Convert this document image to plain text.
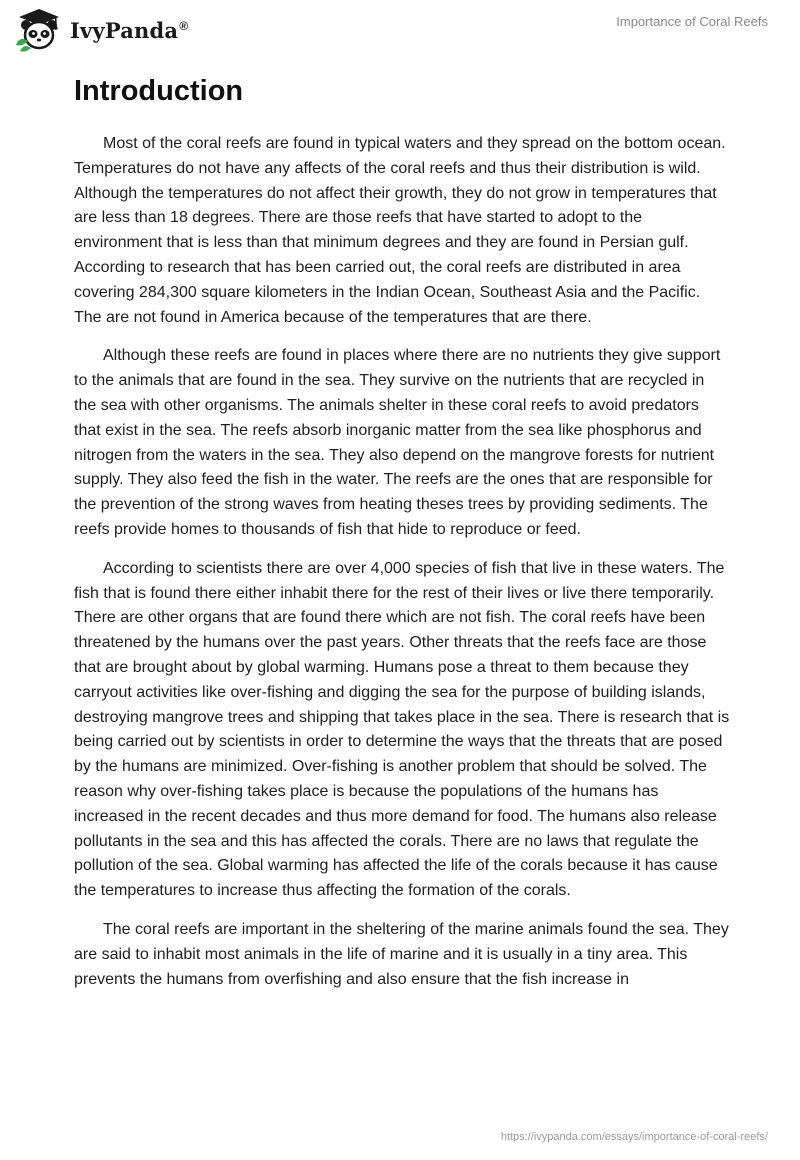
IvyPanda®	Importance of Coral Reefs
Introduction

Most of the coral reefs are found in typical waters and they spread on the bottom ocean. Temperatures do not have any affects of the coral reefs and thus their distribution is wild. Although the temperatures do not affect their growth, they do not grow in temperatures that are less than 18 degrees. There are those reefs that have started to adopt to the environment that is less than that minimum degrees and they are found in Persian gulf. According to research that has been carried out, the coral reefs are distributed in area covering 284,300 square kilometers in the Indian Ocean, Southeast Asia and the Pacific. The are not found in America because of the temperatures that are there.

Although these reefs are found in places where there are no nutrients they give support to the animals that are found in the sea. They survive on the nutrients that are recycled in the sea with other organisms. The animals shelter in these coral reefs to avoid predators that exist in the sea. The reefs absorb inorganic matter from the sea like phosphorus and nitrogen from the waters in the sea. They also depend on the mangrove forests for nutrient supply. They also feed the fish in the water. The reefs are the ones that are responsible for the prevention of the strong waves from heating theses trees by providing sediments. The reefs provide homes to thousands of fish that hide to reproduce or feed.

According to scientists there are over 4,000 species of fish that live in these waters. The fish that is found there either inhabit there for the rest of their lives or live there temporarily. There are other organs that are found there which are not fish. The coral reefs have been threatened by the humans over the past years. Other threats that the reefs face are those that are brought about by global warming. Humans pose a threat to them because they carryout activities like over-fishing and digging the sea for the purpose of building islands, destroying mangrove trees and shipping that takes place in the sea. There is research that is being carried out by scientists in order to determine the ways that the threats that are posed by the humans are minimized. Over-fishing is another problem that should be solved. The reason why over-fishing takes place is because the populations of the humans has increased in the recent decades and thus more demand for food. The humans also release pollutants in the sea and this has affected the corals. There are no laws that regulate the pollution of the sea. Global warming has affected the life of the corals because it has cause the temperatures to increase thus affecting the formation of the corals.

The coral reefs are important in the sheltering of the marine animals found the sea. They are said to inhabit most animals in the life of marine and it is usually in a tiny area. This prevents the humans from overfishing and also ensure that the fish increase in

https://ivypanda.com/essays/importance-of-coral-reefs/
